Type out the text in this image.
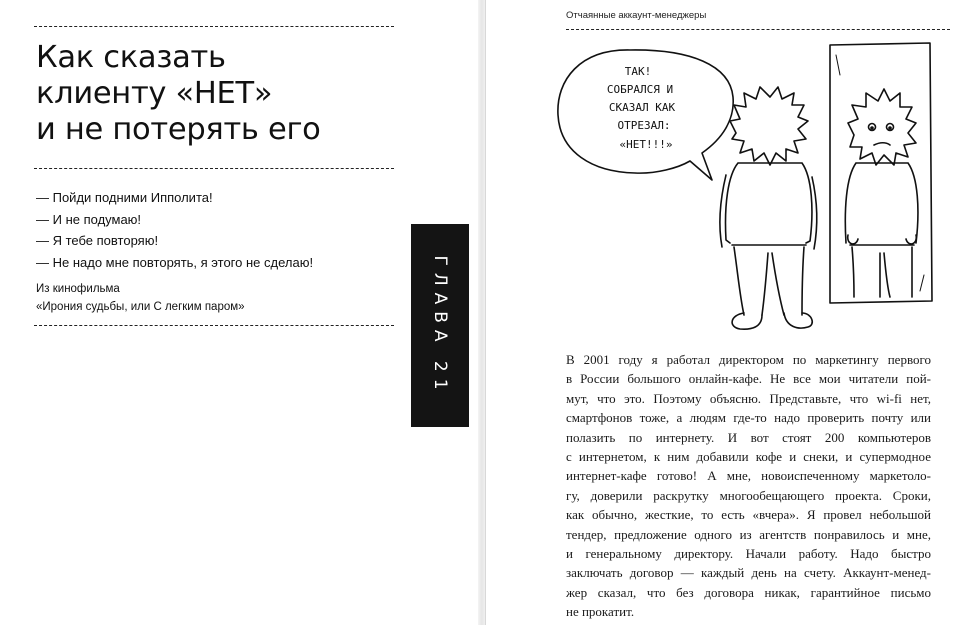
Как сказать
клиенту «НЕТ»
и не потерять его
— Пойди подними Ипполита!
— И не подумаю!
— Я тебе повторяю!
— Не надо мне повторять, я этого не сделаю!
Из кинофильма
«Ирония судьбы, или С легким паром»	ГЛАВА 21
Отчаянные аккаунт-менеджеры
ТАК!
СОБРАЛСЯ И
СКАЗАЛ КАК
ОТРЕЗАЛ:
«НЕТ!!!»
В 2001 году я работал директором по маркетингу первого
в России большого онлайн-кафе. Не все мои читатели пой-
мут, что это. Поэтому объясню. Представьте, что wi-fi нет,
смартфонов тоже, а людям где-то надо проверить почту или
полазить по интернету. И вот стоят 200 компьютеров
с интернетом, к ним добавили кофе и снеки, и супермодное
интернет-кафе готово! А мне, новоиспеченному маркетоло-
гу, доверили раскрутку многообещающего проекта. Сроки,
как обычно, жесткие, то есть «вчера». Я провел небольшой
тендер, предложение одного из агентств понравилось и мне,
и генеральному директору. Начали работу. Надо быстро
заключать договор — каждый день на счету. Аккаунт-менед-
жер сказал, что без договора никак, гарантийное письмо
не прокатит.
